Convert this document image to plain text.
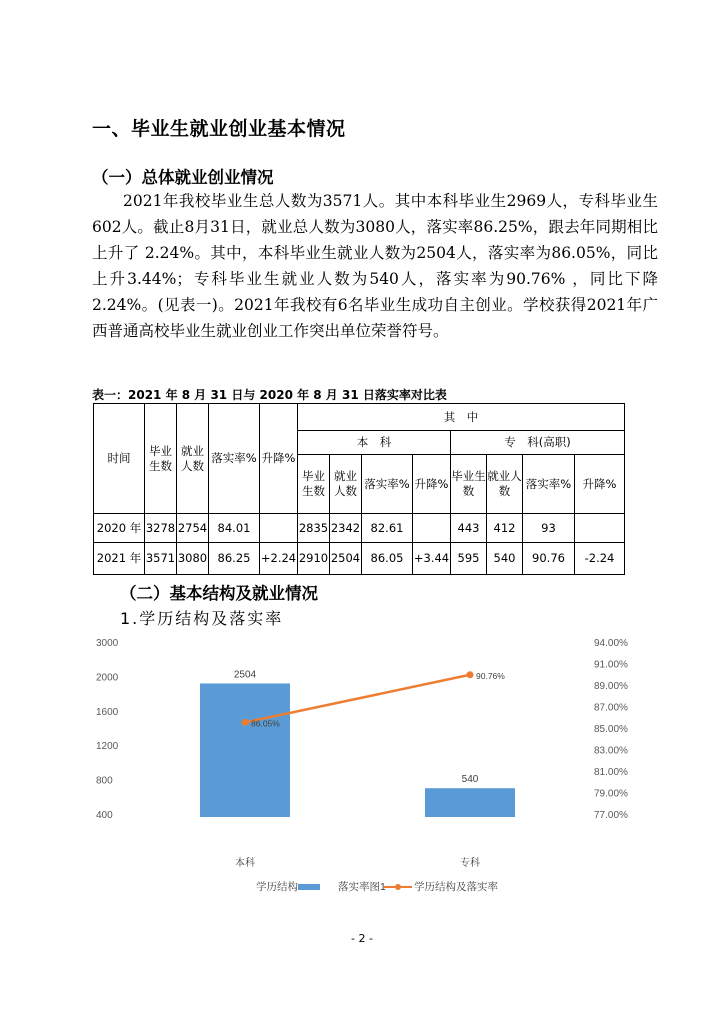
一、毕业生就业创业基本情况
（一）总体就业创业情况

2021年我校毕业生总人数为3571人。其中本科毕业生2969人，专科毕业生602人。截止8月31日，就业总人数为3080人，落实率86.25%，跟去年同期相比上升了 2.24%。其中，本科毕业生就业人数为2504人，落实率为86.05%，同比上升3.44%；专科毕业生就业人数为540人，落实率为90.76% ，同比下降2.24%。(见表一)。2021年我校有6名毕业生成功自主创业。学校获得2021年广西普通高校毕业生就业创业工作突出单位荣誉符号。

表一：2021 年 8 月 31 日与 2020 年 8 月 31 日落实率对比表
时间	毕业生数	就业人数	落实率%	升降%	其　中							
					本　科				专　科(高职)			
					毕业生数	就业人数	落实率%	升降%	毕业生数	就业人数	落实率%	升降%
2020 年	3278	2754	84.01		2835	2342	82.61		443	412	93	
2021 年	3571	3080	86.25	+2.24	2910	2504	86.05	+3.44	595	540	90.76	-2.24
（二）基本结构及就业情况
1.学历结构及落实率
3000
2000
1600
1200
800
400
94.00%
91.00%
89.00%
87.00%
85.00%
83.00%
81.00%
79.00%
77.00%
2504
540
86.05%
90.76%
本科	专科
学历结构	落实率图1	学历结构及落实率
- 2 -
